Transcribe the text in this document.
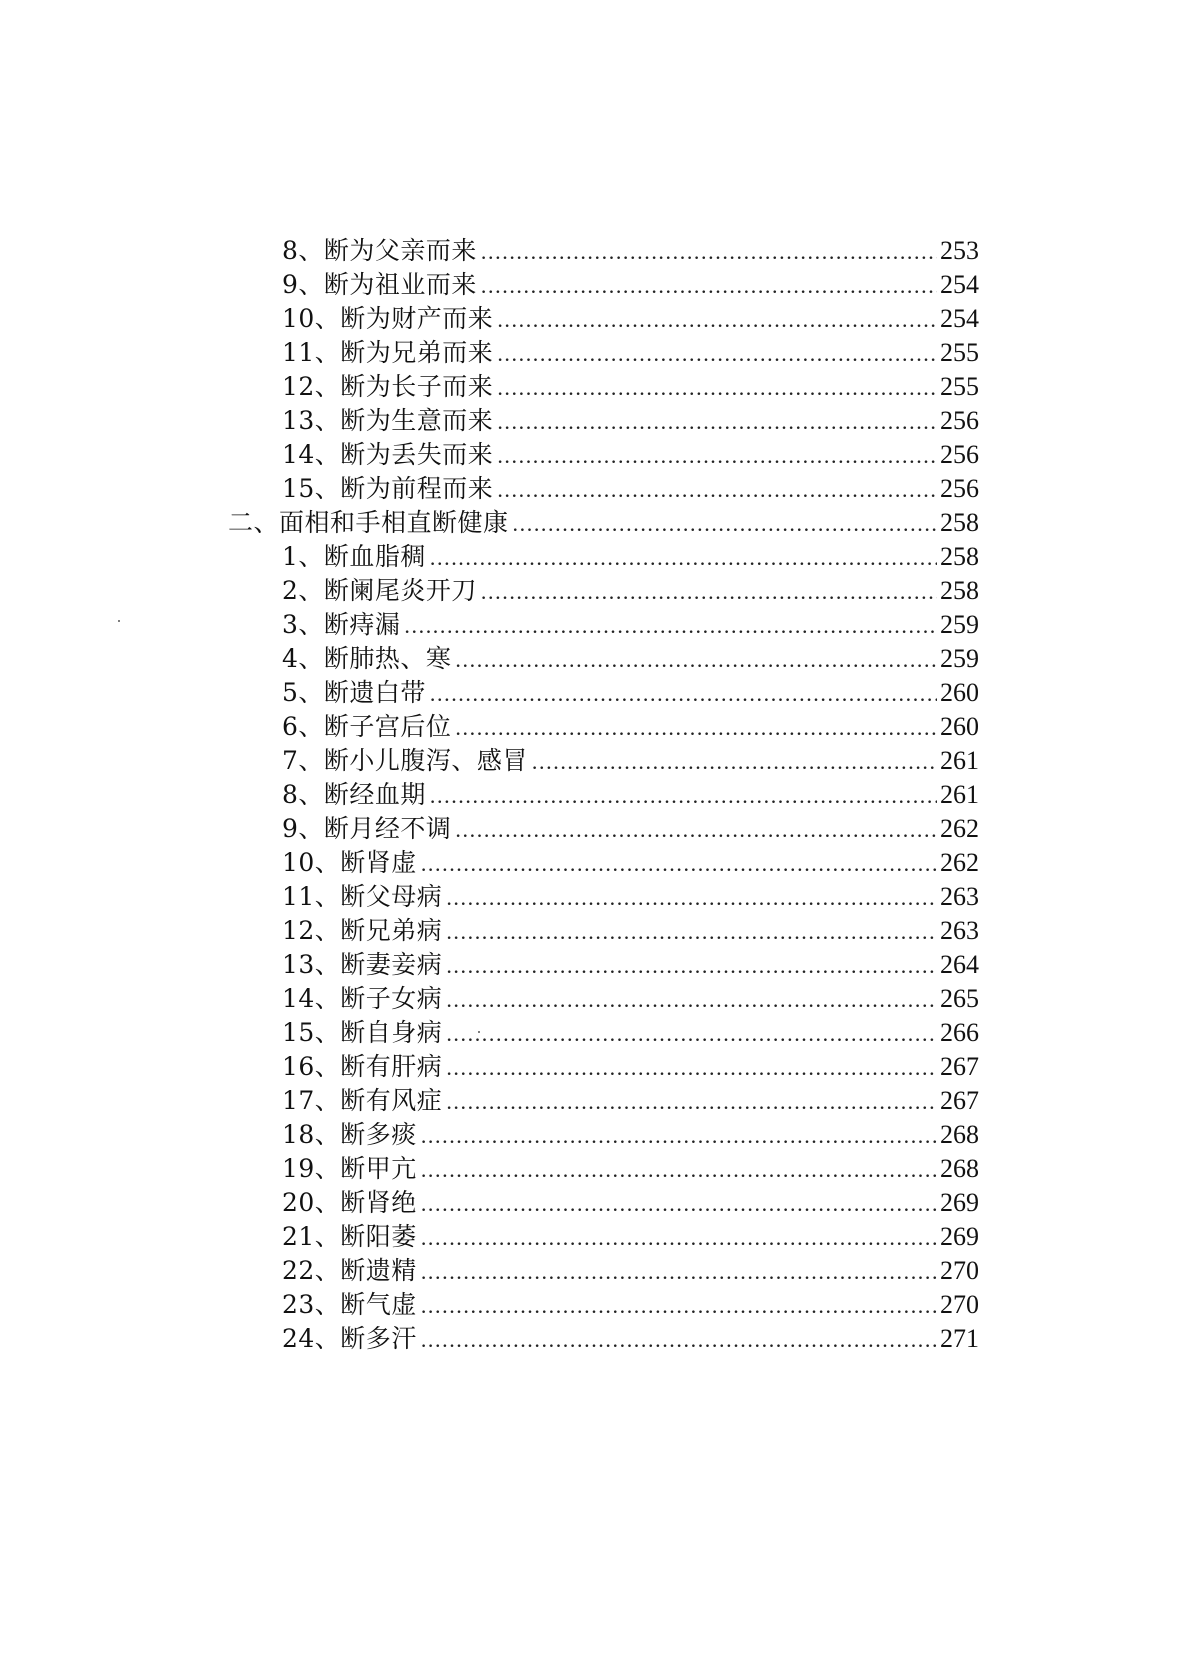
8、断为父亲而来 .....	253
9、断为祖业而来 .....	254
10、断为财产而来 .....	254
11、断为兄弟而来 .....	255
12、断为长子而来 .....	255
13、断为生意而来 .....	256
14、断为丢失而来 .....	256
15、断为前程而来 .....	256
二、面相和手相直断健康 .....	258
1、断血脂稠 .....	258
2、断阑尾炎开刀 .....	258
3、断痔漏 .....	259
4、断肺热、寒 .....	259
5、断遗白带 .....	260
6、断子宫后位 .....	260
7、断小儿腹泻、感冒 .....	261
8、断经血期 .....	261
9、断月经不调 .....	262
10、断肾虚 .....	262
11、断父母病 .....	263
12、断兄弟病 .....	263
13、断妻妾病 .....	264
14、断子女病 .....	265
15、断自身病 .....	266
16、断有肝病 .....	267
17、断有风症 .....	267
18、断多痰 .....	268
19、断甲亢 .....	268
20、断肾绝 .....	269
21、断阳萎 .....	269
22、断遗精 .....	270
23、断气虚 .....	270
24、断多汗 .....	271
